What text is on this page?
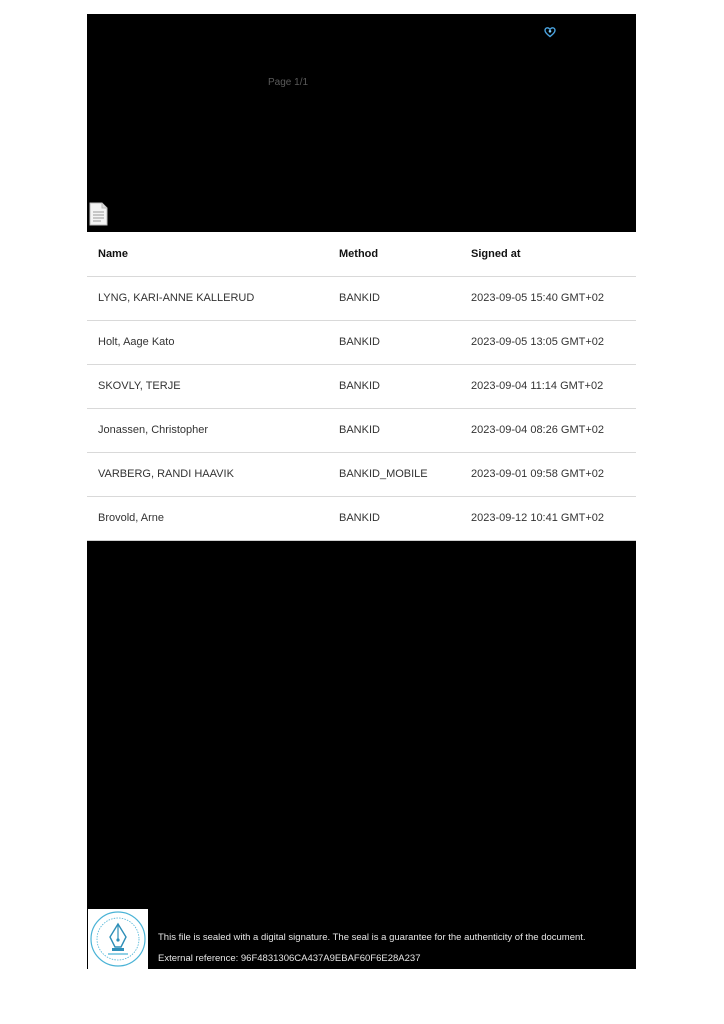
Page 1/1
Name	Method	Signed at
LYNG, KARI-ANNE KALLERUD	BANKID	2023-09-05 15:40 GMT+02
Holt, Aage Kato	BANKID	2023-09-05 13:05 GMT+02
SKOVLY, TERJE	BANKID	2023-09-04 11:14 GMT+02
Jonassen, Christopher	BANKID	2023-09-04 08:26 GMT+02
VARBERG, RANDI HAAVIK	BANKID_MOBILE	2023-09-01 09:58 GMT+02
Brovold, Arne	BANKID	2023-09-12 10:41 GMT+02
This file is sealed with a digital signature. The seal is a guarantee for the authenticity of the document.
External reference: 96F4831306CA437A9EBAF60F6E28A237
